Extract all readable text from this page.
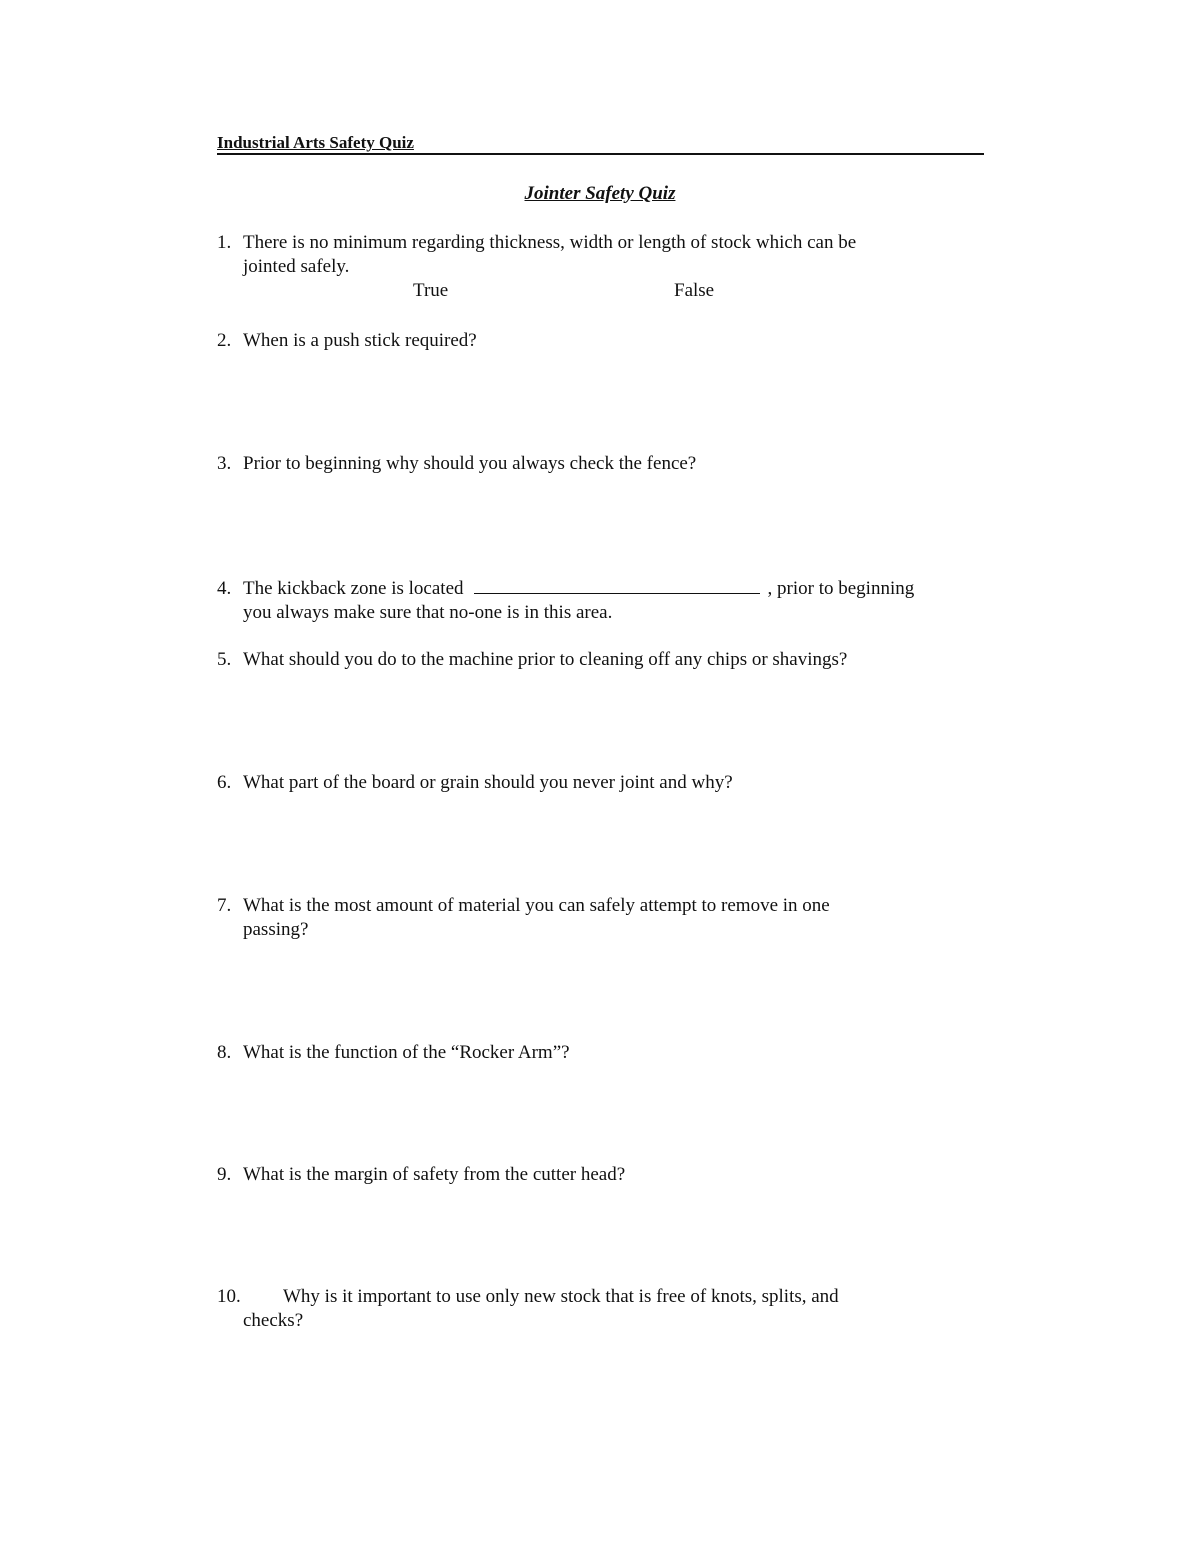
Industrial Arts Safety Quiz
Jointer Safety Quiz
1. There is no minimum regarding thickness, width or length of stock which can be
jointed safely.
True	False
2. When is a push stick required?
3. Prior to beginning why should you always check the fence?
4. The kickback zone is located	, prior to beginning
you always make sure that no-one is in this area.
5. What should you do to the machine prior to cleaning off any chips or shavings?
6. What part of the board or grain should you never joint and why?
7. What is the most amount of material you can safely attempt to remove in one
passing?
8. What is the function of the “Rocker Arm”?
9. What is the margin of safety from the cutter head?
10. Why is it important to use only new stock that is free of knots, splits, and
checks?
